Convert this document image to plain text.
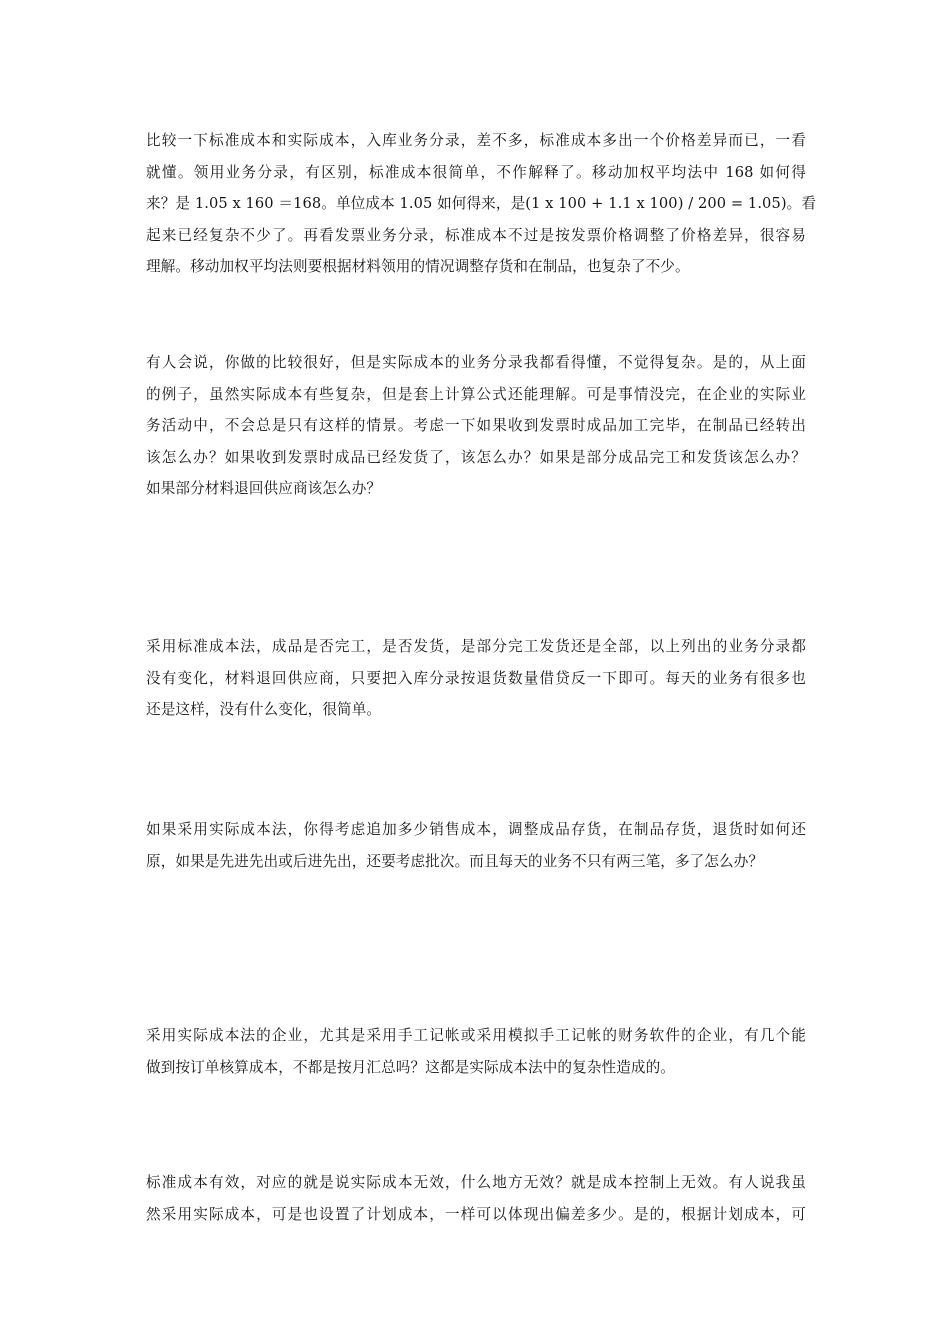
比较一下标准成本和实际成本，入库业务分录，差不多，标准成本多出一个价格差异而已，一看
就懂。领用业务分录，有区别，标准成本很简单，不作解释了。移动加权平均法中 168 如何得
来？是 1.05 x 160 ＝168。单位成本 1.05 如何得来，是(1 x 100 + 1.1 x 100) / 200 = 1.05)。看
起来已经复杂不少了。再看发票业务分录，标准成本不过是按发票价格调整了价格差异，很容易
理解。移动加权平均法则要根据材料领用的情况调整存货和在制品，也复杂了不少。
有人会说，你做的比较很好，但是实际成本的业务分录我都看得懂，不觉得复杂。是的，从上面
的例子，虽然实际成本有些复杂，但是套上计算公式还能理解。可是事情没完，在企业的实际业
务活动中，不会总是只有这样的情景。考虑一下如果收到发票时成品加工完毕，在制品已经转出
该怎么办？如果收到发票时成品已经发货了，该怎么办？如果是部分成品完工和发货该怎么办？
如果部分材料退回供应商该怎么办？
采用标准成本法，成品是否完工，是否发货，是部分完工发货还是全部，以上列出的业务分录都
没有变化，材料退回供应商，只要把入库分录按退货数量借贷反一下即可。每天的业务有很多也
还是这样，没有什么变化，很简单。
如果采用实际成本法，你得考虑追加多少销售成本，调整成品存货，在制品存货，退货时如何还
原，如果是先进先出或后进先出，还要考虑批次。而且每天的业务不只有两三笔，多了怎么办？
采用实际成本法的企业，尤其是采用手工记帐或采用模拟手工记帐的财务软件的企业，有几个能
做到按订单核算成本，不都是按月汇总吗？这都是实际成本法中的复杂性造成的。
标准成本有效，对应的就是说实际成本无效，什么地方无效？就是成本控制上无效。有人说我虽
然采用实际成本，可是也设置了计划成本，一样可以体现出偏差多少。是的，根据计划成本，可
